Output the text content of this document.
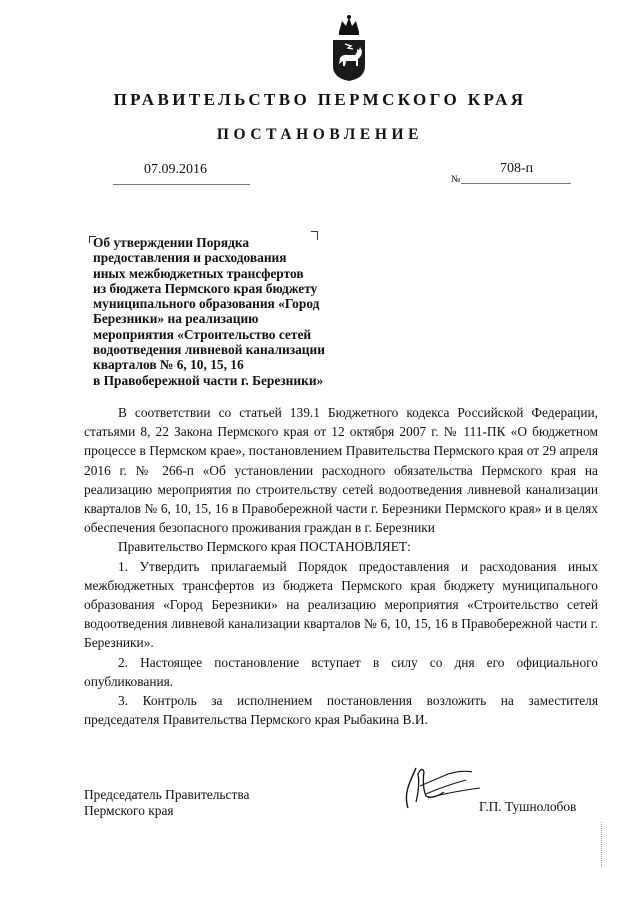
ПРАВИТЕЛЬСТВО ПЕРМСКОГО КРАЯ
ПОСТАНОВЛЕНИЕ
07.09.2016
№
708-п
Об утверждении Порядка
предоставления и расходования
иных межбюджетных трансфертов
из бюджета Пермского края бюджету
муниципального образования «Город
Березники» на реализацию
мероприятия «Строительство сетей
водоотведения ливневой канализации
кварталов № 6, 10, 15, 16
в Правобережной части г. Березники»

В соответствии со статьей 139.1 Бюджетного кодекса Российской Федерации, статьями 8, 22 Закона Пермского края от 12 октября 2007 г. № 111-ПК «О бюджетном процессе в Пермском крае», постановлением Правительства Пермского края от 29 апреля 2016 г. № 266-п «Об установлении расходного обязательства Пермского края на реализацию мероприятия по строительству сетей водоотведения ливневой канализации кварталов № 6, 10, 15, 16 в Правобережной части г. Березники Пермского края» и в целях обеспечения безопасного проживания граждан в г. Березники

Правительство Пермского края ПОСТАНОВЛЯЕТ:

1. Утвердить прилагаемый Порядок предоставления и расходования иных межбюджетных трансфертов из бюджета Пермского края бюджету муниципального образования «Город Березники» на реализацию мероприятия «Строительство сетей водоотведения ливневой канализации кварталов № 6, 10, 15, 16 в Правобережной части г. Березники».

2. Настоящее постановление вступает в силу со дня его официального опубликования.

3. Контроль за исполнением постановления возложить на заместителя председателя Правительства Пермского края Рыбакина В.И.

Председатель Правительства
Пермского края	Г.П. Тушнолобов
